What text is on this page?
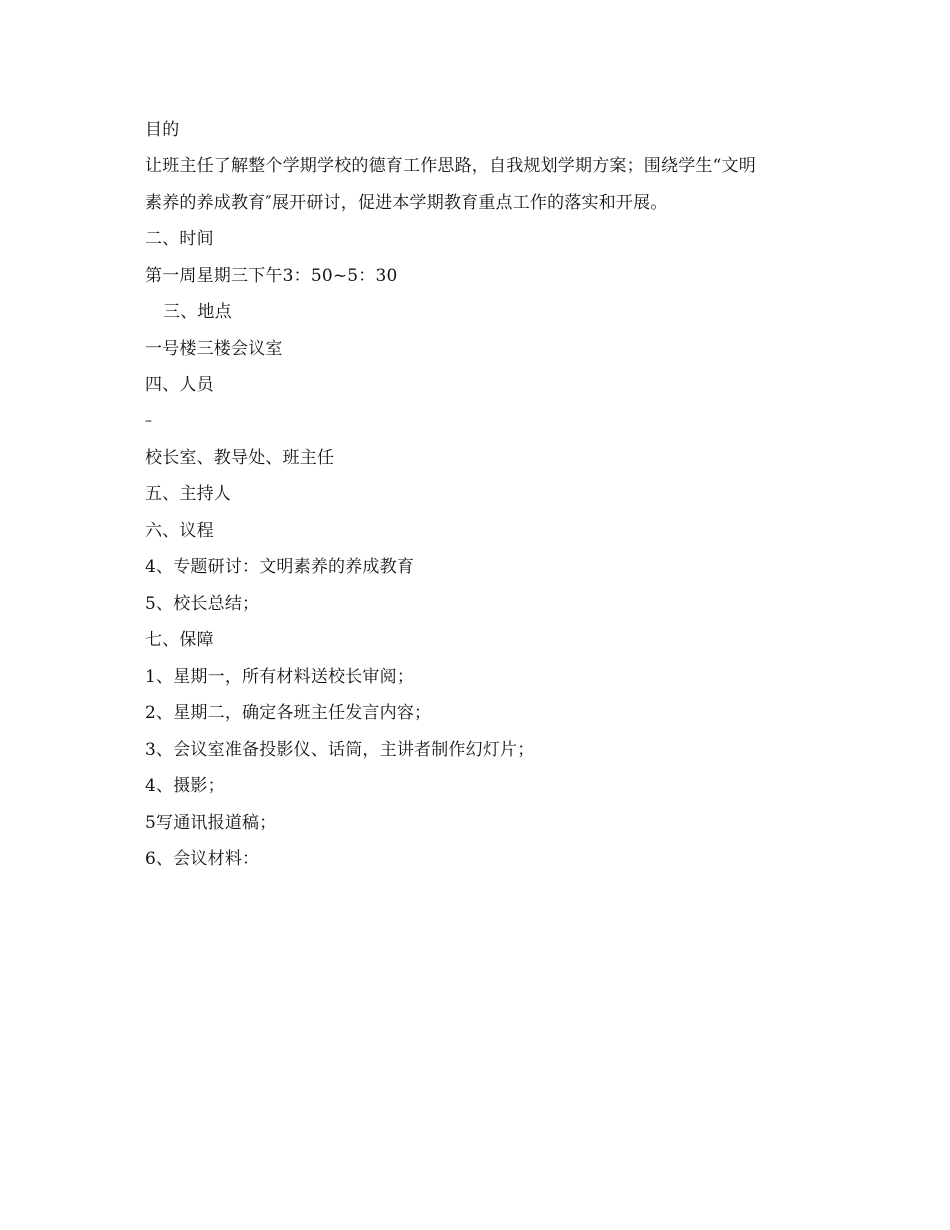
目的
让班主任了解整个学期学校的德育工作思路，自我规划学期方案；围绕学生“文明
素养的养成教育″展开研讨，促进本学期教育重点工作的落实和开展。
二、时间
第一周星期三下午3：50~5：30
三、地点
一号楼三楼会议室
四、人员
–
校长室、教导处、班主任
五、主持人
六、议程
4、专题研讨：文明素养的养成教育
5、校长总结；
七、保障
1、星期一，所有材料送校长审阅；
2、星期二，确定各班主任发言内容；
3、会议室准备投影仪、话筒，主讲者制作幻灯片；
4、摄影；
5写通讯报道稿；
6、会议材料：
